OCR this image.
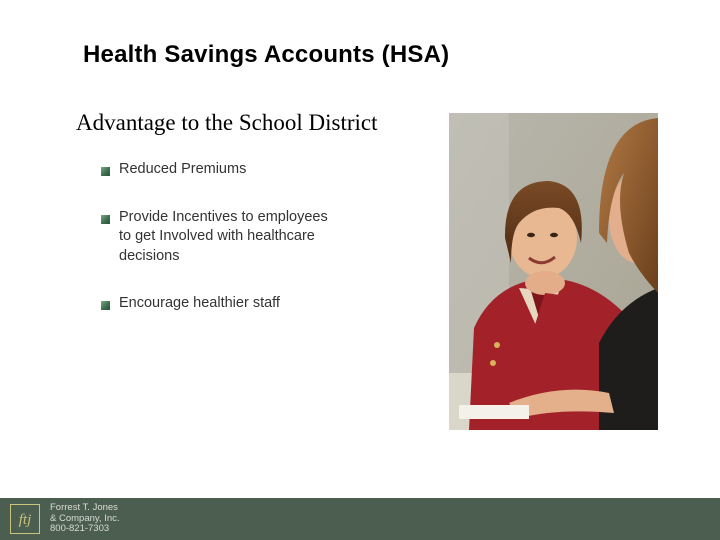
Health Savings Accounts (HSA)
Advantage to the School District
Reduced Premiums
Provide Incentives to employees
to get Involved with healthcare
decisions
Encourage healthier staff
ftj
Forrest T. Jones
& Company, Inc.
800-821-7303
